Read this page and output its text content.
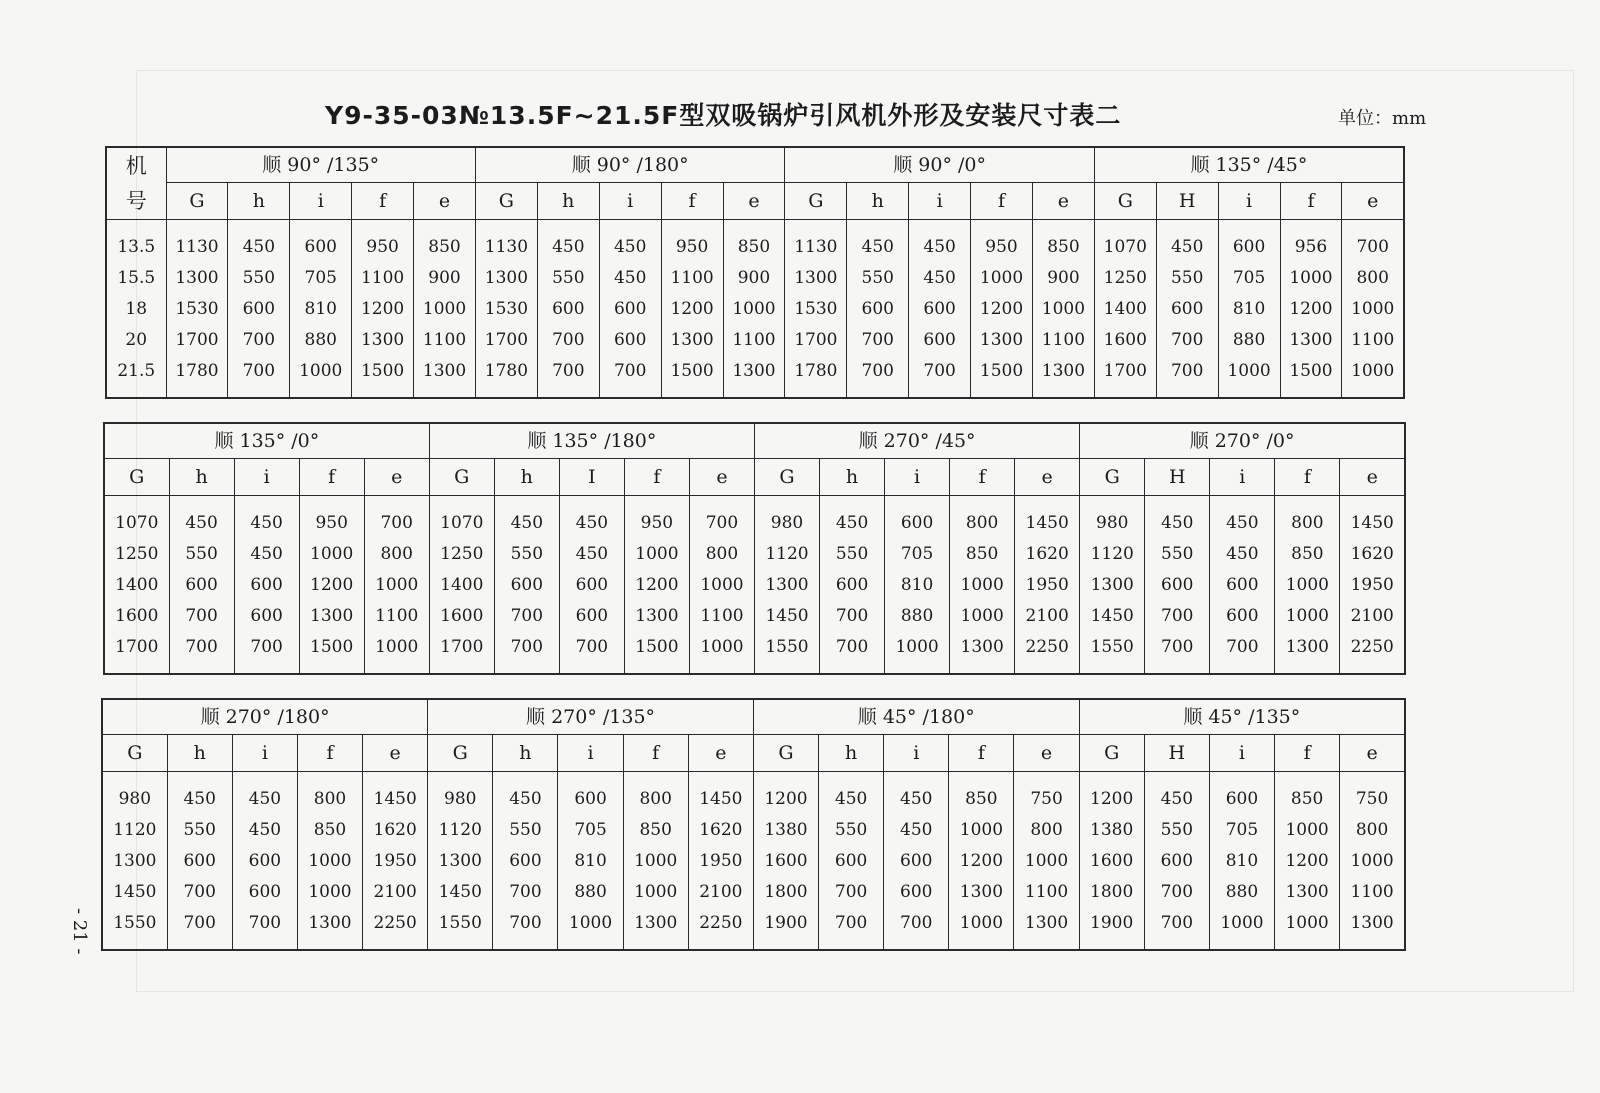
Y9-35-03№13.5F~21.5F型双吸锅炉引风机外形及安装尺寸表二	单位：mm
- 21 -
机
号	顺 90° /135°					顺 90° /180°					顺 90° /0°					顺 135° /45°				
	G	h	i	f	e	G	h	i	f	e	G	h	i	f	e	G	H	i	f	e
13.5	1130	450	600	950	850	1130	450	450	950	850	1130	450	450	950	850	1070	450	600	956	700
15.5	1300	550	705	1100	900	1300	550	450	1100	900	1300	550	450	1000	900	1250	550	705	1000	800
18	1530	600	810	1200	1000	1530	600	600	1200	1000	1530	600	600	1200	1000	1400	600	810	1200	1000
20	1700	700	880	1300	1100	1700	700	600	1300	1100	1700	700	600	1300	1100	1600	700	880	1300	1100
21.5	1780	700	1000	1500	1300	1780	700	700	1500	1300	1780	700	700	1500	1300	1700	700	1000	1500	1000
顺 135° /0°					顺 135° /180°					顺 270° /45°					顺 270° /0°				
G	h	i	f	e	G	h	I	f	e	G	h	i	f	e	G	H	i	f	e
1070	450	450	950	700	1070	450	450	950	700	980	450	600	800	1450	980	450	450	800	1450
1250	550	450	1000	800	1250	550	450	1000	800	1120	550	705	850	1620	1120	550	450	850	1620
1400	600	600	1200	1000	1400	600	600	1200	1000	1300	600	810	1000	1950	1300	600	600	1000	1950
1600	700	600	1300	1100	1600	700	600	1300	1100	1450	700	880	1000	2100	1450	700	600	1000	2100
1700	700	700	1500	1000	1700	700	700	1500	1000	1550	700	1000	1300	2250	1550	700	700	1300	2250
顺 270° /180°					顺 270° /135°					顺 45° /180°					顺 45° /135°				
G	h	i	f	e	G	h	i	f	e	G	h	i	f	e	G	H	i	f	e
980	450	450	800	1450	980	450	600	800	1450	1200	450	450	850	750	1200	450	600	850	750
1120	550	450	850	1620	1120	550	705	850	1620	1380	550	450	1000	800	1380	550	705	1000	800
1300	600	600	1000	1950	1300	600	810	1000	1950	1600	600	600	1200	1000	1600	600	810	1200	1000
1450	700	600	1000	2100	1450	700	880	1000	2100	1800	700	600	1300	1100	1800	700	880	1300	1100
1550	700	700	1300	2250	1550	700	1000	1300	2250	1900	700	700	1000	1300	1900	700	1000	1000	1300
